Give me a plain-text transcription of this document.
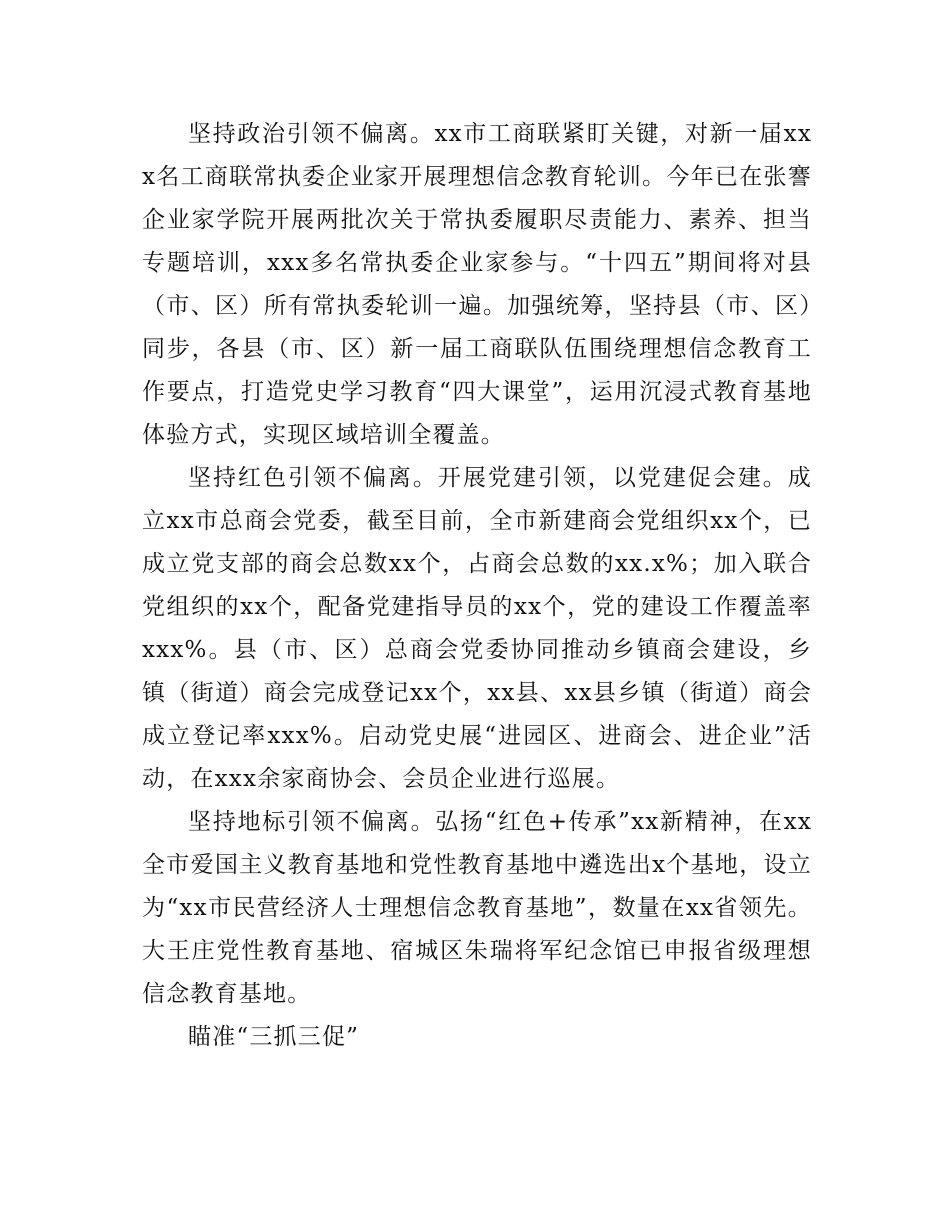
坚持政治引领不偏离。xx市工商联紧盯关键，对新一届xxx名工商联常执委企业家开展理想信念教育轮训。今年已在张謇企业家学院开展两批次关于常执委履职尽责能力、素养、担当专题培训，xxx多名常执委企业家参与。“十四五”期间将对县（市、区）所有常执委轮训一遍。加强统筹，坚持县（市、区）同步，各县（市、区）新一届工商联队伍围绕理想信念教育工作要点，打造党史学习教育“四大课堂”，运用沉浸式教育基地体验方式，实现区域培训全覆盖。

坚持红色引领不偏离。开展党建引领，以党建促会建。成立xx市总商会党委，截至目前，全市新建商会党组织xx个，已成立党支部的商会总数xx个，占商会总数的xx.x%；加入联合党组织的xx个，配备党建指导员的xx个，党的建设工作覆盖率xxx%。县（市、区）总商会党委协同推动乡镇商会建设，乡镇（街道）商会完成登记xx个，xx县、xx县乡镇（街道）商会成立登记率xxx%。启动党史展“进园区、进商会、进企业”活动，在xxx余家商协会、会员企业进行巡展。

坚持地标引领不偏离。弘扬“红色+传承”xx新精神，在xx全市爱国主义教育基地和党性教育基地中遴选出x个基地，设立为“xx市民营经济人士理想信念教育基地”，数量在xx省领先。大王庄党性教育基地、宿城区朱瑞将军纪念馆已申报省级理想信念教育基地。

瞄准“三抓三促”
